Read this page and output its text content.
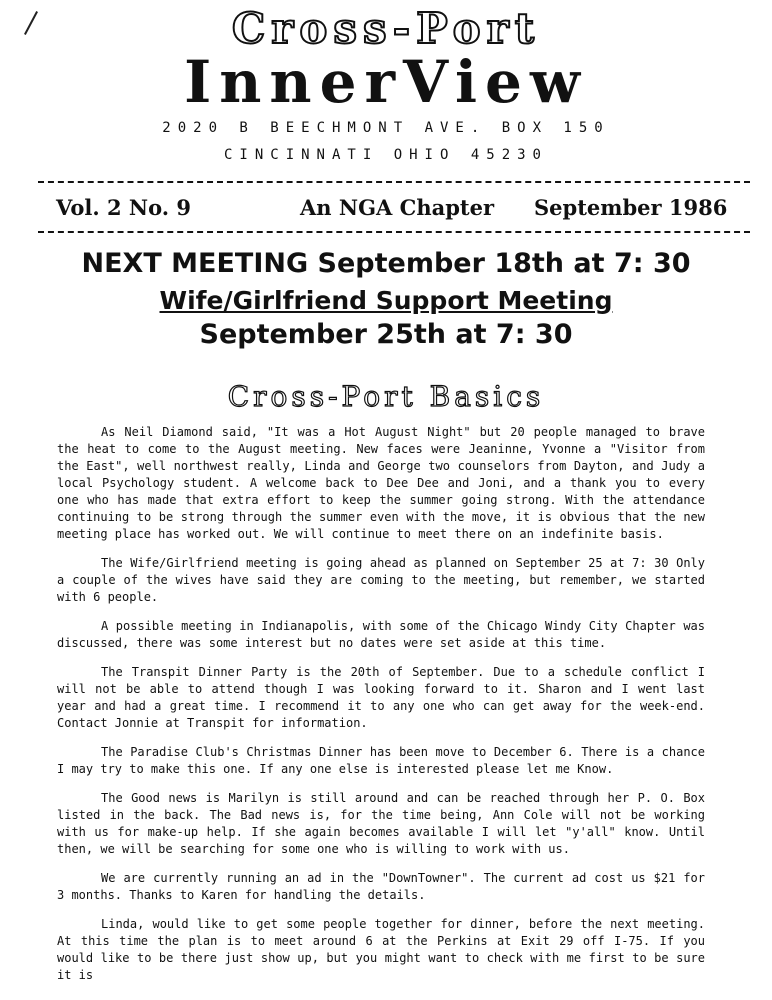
Cross-Port
InnerView
2020 B BEECHMONT AVE. BOX 150
CINCINNATI OHIO 45230
Vol. 2 No. 9	An NGA Chapter September 1986
NEXT MEETING September 18th at 7: 30
Wife/Girlfriend Support Meeting
September 25th at 7: 30
Cross-Port Basics

As Neil Diamond said, "It was a Hot August Night" but 20 people managed to brave the heat to come to the August meeting. New faces were Jeaninne, Yvonne a "Visitor from the East", well northwest really, Linda and George two counselors from Dayton, and Judy a local Psychology student. A welcome back to Dee Dee and Joni, and a thank you to every one who has made that extra effort to keep the summer going strong. With the attendance continuing to be strong through the summer even with the move, it is obvious that the new meeting place has worked out. We will continue to meet there on an indefinite basis.

The Wife/Girlfriend meeting is going ahead as planned on September 25 at 7: 30 Only a couple of the wives have said they are coming to the meeting, but remember, we started with 6 people.

A possible meeting in Indianapolis, with some of the Chicago Windy City Chapter was discussed, there was some interest but no dates were set aside at this time.

The Transpit Dinner Party is the 20th of September. Due to a schedule conflict I will not be able to attend though I was looking forward to it. Sharon and I went last year and had a great time. I recommend it to any one who can get away for the week-end. Contact Jonnie at Transpit for information.

The Paradise Club's Christmas Dinner has been move to December 6. There is a chance I may try to make this one. If any one else is interested please let me Know.

The Good news is Marilyn is still around and can be reached through her P. O. Box listed in the back. The Bad news is, for the time being, Ann Cole will not be working with us for make-up help. If she again becomes available I will let "y'all" know. Until then, we will be searching for some one who is willing to work with us.

We are currently running an ad in the "DownTowner". The current ad cost us $21 for 3 months. Thanks to Karen for handling the details.

Linda, would like to get some people together for dinner, before the next meeting. At this time the plan is to meet around 6 at the Perkins at Exit 29 off I-75. If you would like to be there just show up, but you might want to check with me first to be sure it is
